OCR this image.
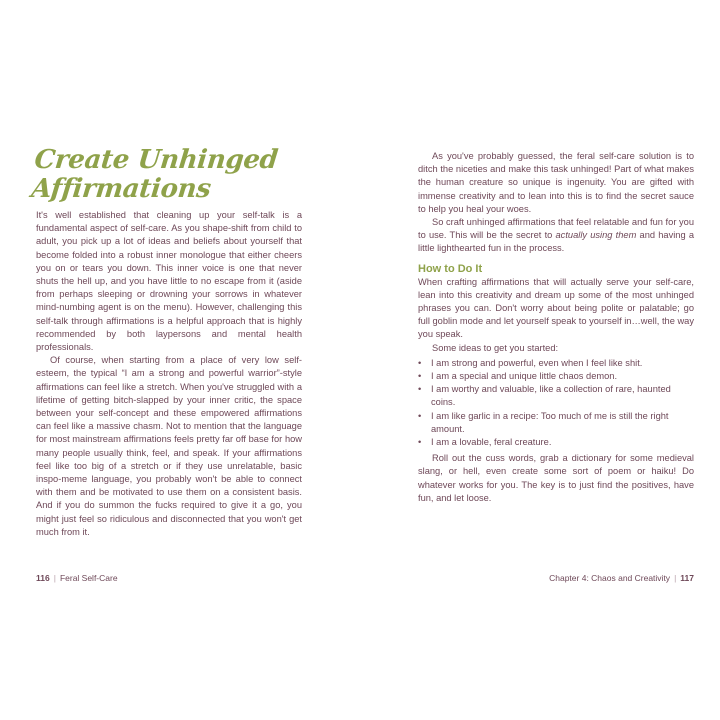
Create Unhinged
Affirmations

It's well established that cleaning up your self-talk is a fundamental aspect of self-care. As you shape-shift from child to adult, you pick up a lot of ideas and beliefs about yourself that become folded into a robust inner monologue that either cheers you on or tears you down. This inner voice is one that never shuts the hell up, and you have little to no escape from it (aside from perhaps sleeping or drowning your sorrows in whatever mind-numbing agent is on the menu). However, challenging this self-talk through affirmations is a helpful approach that is highly recommended by both laypersons and mental health professionals.

Of course, when starting from a place of very low self-esteem, the typical “I am a strong and powerful warrior”-style affirmations can feel like a stretch. When you've struggled with a lifetime of getting bitch-slapped by your inner critic, the space between your self-concept and these empowered affirmations can feel like a massive chasm. Not to mention that the language for most mainstream affirmations feels pretty far off base for how many people usually think, feel, and speak. If your affirmations feel like too big of a stretch or if they use unrelatable, basic inspo-meme language, you probably won't be able to connect with them and be motivated to use them on a consistent basis. And if you do summon the fucks required to give it a go, you might just feel so ridiculous and disconnected that you won't get much from it.

116 | Feral Self-Care

As you've probably guessed, the feral self-care solution is to ditch the niceties and make this task unhinged! Part of what makes the human creature so unique is ingenuity. You are gifted with immense creativity and to lean into this is to find the secret sauce to help you heal your woes.

So craft unhinged affirmations that feel relatable and fun for you to use. This will be the secret to actually using them and having a little lighthearted fun in the process.

How to Do It

When crafting affirmations that will actually serve your self-care, lean into this creativity and dream up some of the most unhinged phrases you can. Don't worry about being polite or palatable; go full goblin mode and let yourself speak to yourself in…well, the way you speak.

Some ideas to get you started:

• I am strong and powerful, even when I feel like shit.
• I am a special and unique little chaos demon.
• I am worthy and valuable, like a collection of rare, haunted coins.
• I am like garlic in a recipe: Too much of me is still the right amount.
• I am a lovable, feral creature.

Roll out the cuss words, grab a dictionary for some medieval slang, or hell, even create some sort of poem or haiku! Do whatever works for you. The key is to just find the positives, have fun, and let loose.

Chapter 4: Chaos and Creativity | 117
